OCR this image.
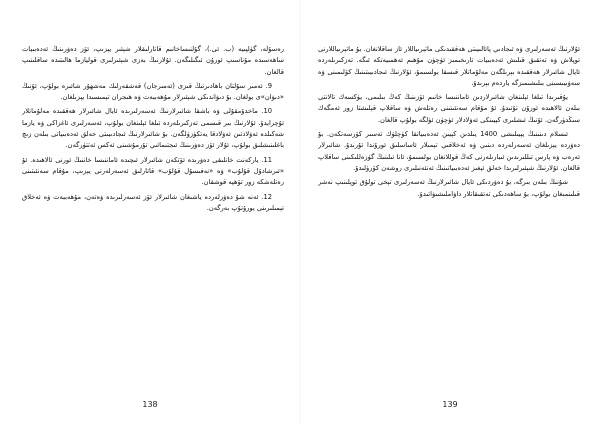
رەسۇلە، گۈلپىيە (ب. ئى.)، گۇلنىساخانىم قاتارلىقلار شېئىر يېزىپ، ئۆز دەۋرىنىڭ ئەدەبىيات ساھەسىدە مۇناسىپ ئورۇن ئىگىلىگەن. ئۇلارنىڭ بەزى شېئىرلىرى قوليازما ھالىتىدە ساقلىنىپ قالغان.

9. ئەمىر سۇلتان باھادىرنىڭ قىزى (ئەمىرجان) قەشقەرلىك مەشھۇر شائىرە بولۇپ، ئۇنىڭ «دىۋان»ى بولغان. بۇ دىۋاندىكى شېئىرلار مۇھەببەت ۋە ھىجران تېمىسىدا يېزىلغان.

10. ماخدۇمقۇلى ۋە باشقا شائىرلارنىڭ ئەسەرلىرىدە ئايال شائىرلار ھەققىدە مەلۇماتلار ئۇچرايدۇ. ئۇلارنىڭ بىر قىسمى تەزكىرىلەردە تىلغا ئېلىنغان بولۇپ، ئەسەرلىرى ئاغزاكى ۋە يازما شەكىلدە ئەۋلادتىن ئەۋلادقا يەتكۈزۈلگەن. بۇ شائىرلارنىڭ ئىجادىيىتى خەلق ئەدەبىياتى بىلەن زىچ باغلىنىشلىق بولۇپ، ئۇلار ئۆز دەۋرىنىڭ ئىجتىمائىي تۇرمۇشىنى ئەكس ئەتتۈرگەن.

11. ياركەنت خانلىقى دەۋرىدە ئۆتكەن شائىرلار ئىچىدە ئاماننىسا خاننىڭ ئورنى ئالاھىدە. ئۇ «ئىرشادۇل قۇلۇب» ۋە «نەفىسۇل قۇلۇب» قاتارلىق ئەسەرلەرنى يېزىپ، مۇقام سەنئىتىنى رەتلەشكە زور تۆھپە قوشقان.

12. ئەنە شۇ دەۋرلەردە ياشىغان شائىرلار ئۆز ئەسەرلىرىدە ۋەتەن، مۇھەببەت ۋە ئەخلاق تېمىلىرىنى يورۇتۇپ بەرگەن.

138

ئۇلارنىڭ ئەسەرلىرى ۋە ئىجادىي پائالىيىتى ھەققىدىكى ماتېرىياللار ئاز ساقلانغان. بۇ ماتېرىياللارنى توپلاش ۋە تەتقىق قىلىش ئەدەبىيات تارىخىمىز ئۈچۈن مۇھىم ئەھمىيەتكە ئىگە. تەزكىرىلەردە ئايال شائىرلار ھەققىدە بېرىلگەن مەلۇماتلار قىسقا بولسىمۇ، ئۇلارنىڭ ئىجادىيىتىنىڭ كۆلىمىنى ۋە سەۋىيىسىنى بىلىشىمىزگە ياردەم بېرىدۇ.

يۇقىرىدا تىلغا ئېلىنغان شائىرلاردىن ئاماننىسا خانىم ئۆزىنىڭ كەڭ بىلىمى، يۈكسەك تالانتى بىلەن ئالاھىدە ئورۇن تۇتىدۇ. ئۇ مۇقام سەنئىتىنى رەتلەش ۋە ساقلاپ قېلىشتا زور ئەمگەك سىڭدۈرگەن. ئۇنىڭ ئىشلىرى كېيىنكى ئەۋلادلار ئۈچۈن ئۈلگە بولۇپ قالغان.

ئىسلام دىنىنىڭ يېيىلىشى 1400 يىلدىن كېيىن ئەدەبىياتقا كۈچلۈك تەسىر كۆرسەتكەن. بۇ دەۋردە يېزىلغان ئەسەرلەردە دىنىي ۋە ئەخلاقىي تېمىلار ئاساسلىق ئورۇندا تۇرىدۇ. شائىرلار ئەرەب ۋە پارس تىللىرىدىن ئىبارىلەرنى كەڭ قوللانغان بولسىمۇ، ئانا تىلىنىڭ گۈزەللىكىنى ساقلاپ قالغان. ئۇلارنىڭ شېئىرلىرىدا خەلق ئېغىز ئەدەبىياتىنىڭ ئەنئەنىلىرى روشەن كۆرۈلىدۇ.

شۇنىڭ بىلەن بىرگە، بۇ دەۋردىكى ئايال شائىرلارنىڭ ئەسەرلىرى تېخى تولۇق توپلىنىپ نەشر قىلىنمىغان بولۇپ، بۇ ساھەدىكى تەتقىقاتلار داۋاملىشىۋاتىدۇ.

139
